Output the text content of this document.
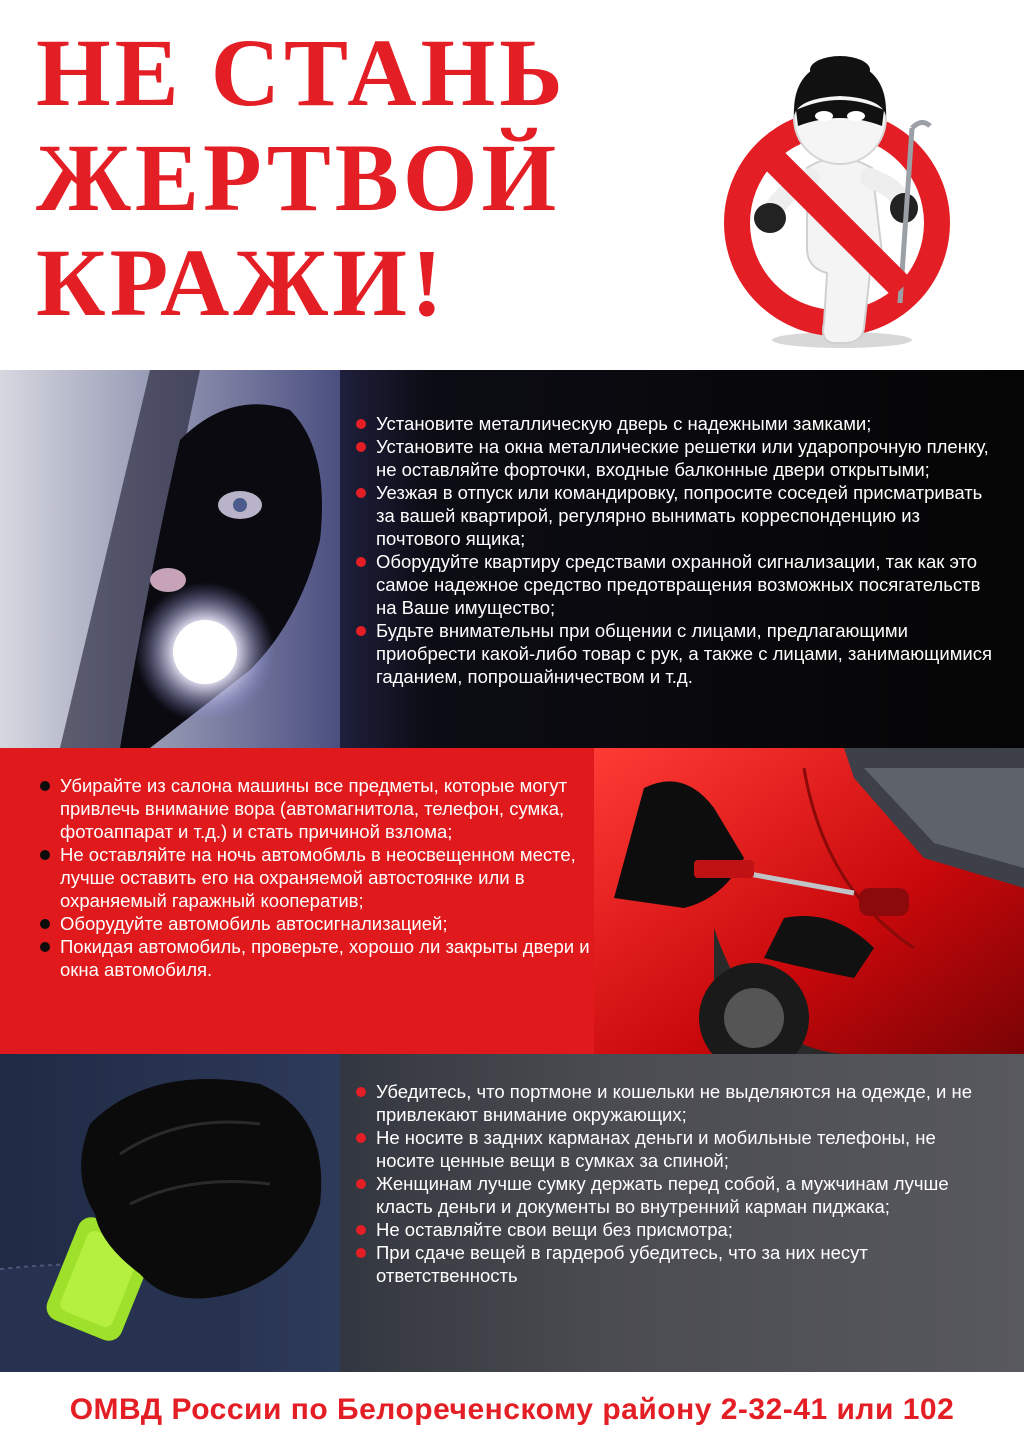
НЕ СТАНЬ
ЖЕРТВОЙ
КРАЖИ!
Установите металлическую дверь с надежными замками;
Установите на окна металлические решетки или ударопрочную пленку, не оставляйте форточки, входные балконные двери открытыми;
Уезжая в отпуск или командировку, попросите соседей присматривать за вашей квартирой, регулярно вынимать корреспонденцию из почтового ящика;
Оборудуйте квартиру средствами охранной сигнализации, так как это самое надежное средство предотвращения возможных посягательств на Ваше имущество;
Будьте внимательны при общении с лицами, предлагающими приобрести какой-либо товар с рук, а также с лицами, занимающимися гаданием, попрошайничеством и т.д.
Убирайте из салона машины все предметы, которые могут привлечь внимание вора (автомагнитола, телефон, сумка, фотоаппарат и т.д.) и стать причиной взлома;
Не оставляйте на ночь автомобмль в неосвещенном месте, лучше оставить его на охраняемой автостоянке или в охраняемый гаражный кооператив;
Оборудуйте автомобиль автосигнализацией;
Покидая автомобиль, проверьте, хорошо ли закрыты двери и окна автомобиля.
Убедитесь, что портмоне и кошельки не выделяются на одежде, и не привлекают внимание окружающих;
Не носите в задних карманах деньги и мобильные телефоны, не носите ценные вещи в сумках за спиной;
Женщинам лучше сумку держать перед собой, а мужчинам лучше класть деньги и документы во внутренний карман пиджака;
Не оставляйте свои вещи без присмотра;
При сдаче вещей в гардероб убедитесь, что за них несут ответственность
ОМВД России по Белореченскому району 2-32-41 или 102
